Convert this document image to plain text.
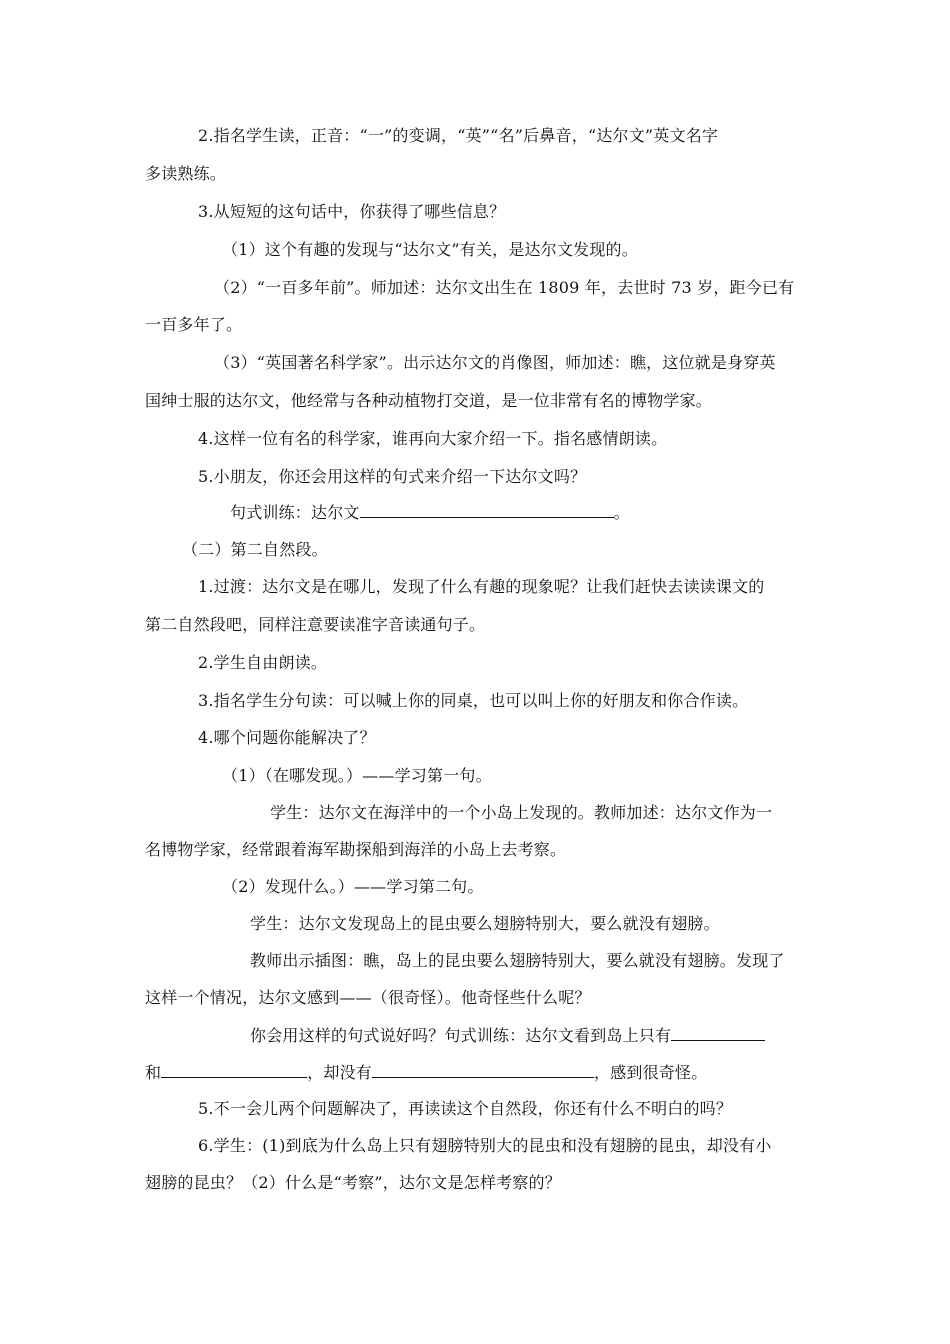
2.指名学生读，正音：“一”的变调，“英”“名”后鼻音，“达尔文”英文名字
多读熟练。
3.从短短的这句话中，你获得了哪些信息？
（1）这个有趣的发现与“达尔文”有关，是达尔文发现的。
（2）“一百多年前”。师加述：达尔文出生在 1809 年，去世时 73 岁，距今已有
一百多年了。
（3）“英国著名科学家”。出示达尔文的肖像图，师加述：瞧，这位就是身穿英
国绅士服的达尔文，他经常与各种动植物打交道，是一位非常有名的博物学家。
4.这样一位有名的科学家，谁再向大家介绍一下。指名感情朗读。
5.小朋友，你还会用这样的句式来介绍一下达尔文吗？
句式训练：达尔文	。
（二）第二自然段。
1.过渡：达尔文是在哪儿，发现了什么有趣的现象呢？让我们赶快去读读课文的
第二自然段吧，同样注意要读准字音读通句子。
2.学生自由朗读。
3.指名学生分句读：可以喊上你的同桌，也可以叫上你的好朋友和你合作读。
4.哪个问题你能解决了？
（1）（在哪发现。）——学习第一句。
学生：达尔文在海洋中的一个小岛上发现的。教师加述：达尔文作为一
名博物学家，经常跟着海军勘探船到海洋的小岛上去考察。
（2）发现什么。）——学习第二句。
学生：达尔文发现岛上的昆虫要么翅膀特别大，要么就没有翅膀。
教师出示插图：瞧，岛上的昆虫要么翅膀特别大，要么就没有翅膀。发现了
这样一个情况，达尔文感到——（很奇怪）。他奇怪些什么呢？
你会用这样的句式说好吗？句式训练：达尔文看到岛上只有
和	，却没有	，感到很奇怪。
5.不一会儿两个问题解决了，再读读这个自然段，你还有什么不明白的吗？
6.学生：(1)到底为什么岛上只有翅膀特别大的昆虫和没有翅膀的昆虫，却没有小
翅膀的昆虫？（2）什么是“考察”，达尔文是怎样考察的？
